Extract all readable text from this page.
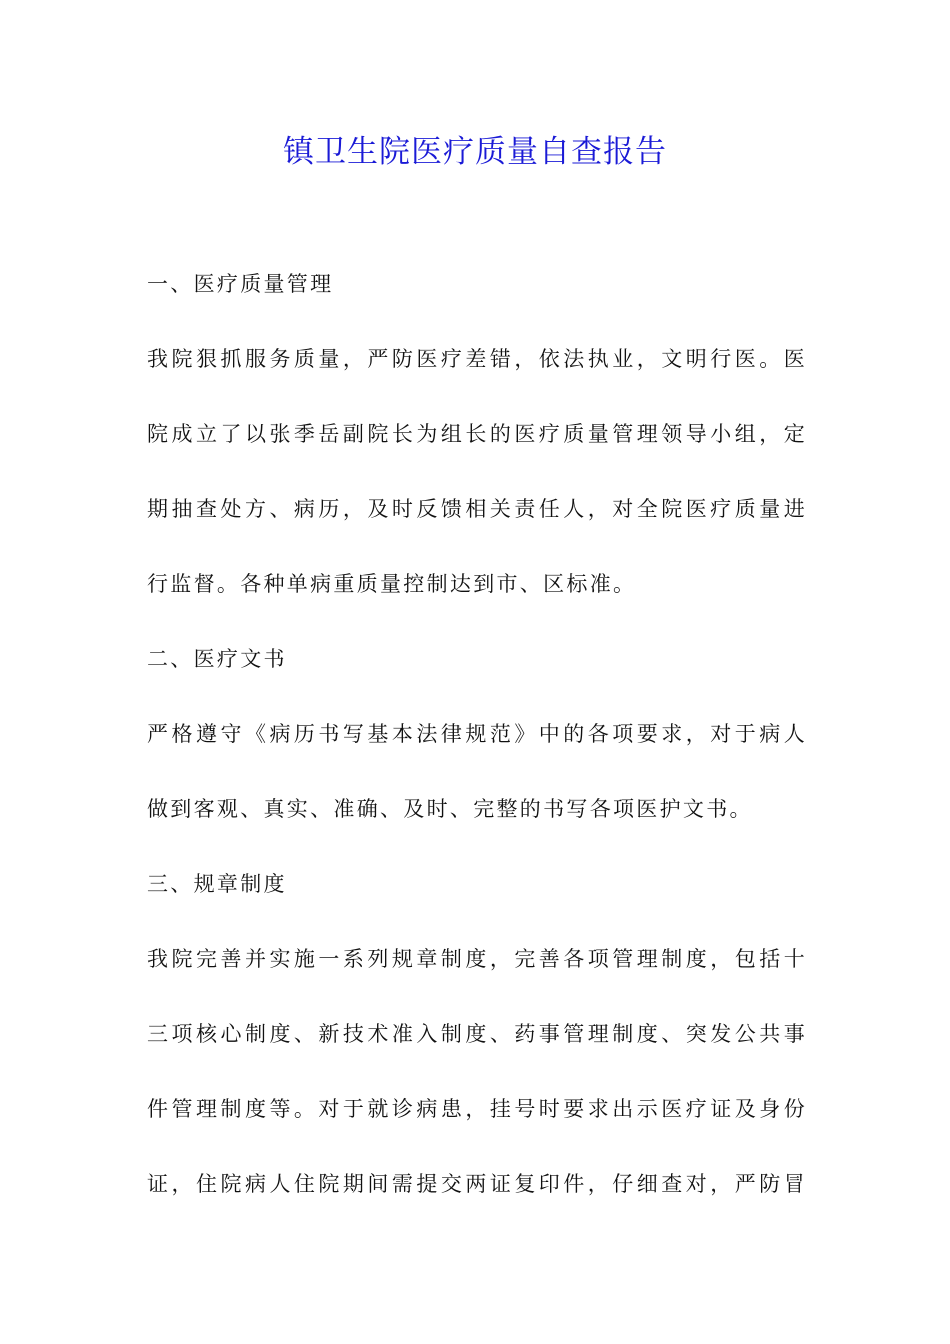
镇卫生院医疗质量自查报告
一、医疗质量管理
我院狠抓服务质量，严防医疗差错，依法执业，文明行医。医
院成立了以张季岳副院长为组长的医疗质量管理领导小组，定
期抽查处方、病历，及时反馈相关责任人，对全院医疗质量进
行监督。各种单病重质量控制达到市、区标准。
二、医疗文书
严格遵守《病历书写基本法律规范》中的各项要求，对于病人
做到客观、真实、准确、及时、完整的书写各项医护文书。
三、规章制度
我院完善并实施一系列规章制度，完善各项管理制度，包括十
三项核心制度、新技术准入制度、药事管理制度、突发公共事
件管理制度等。对于就诊病患，挂号时要求出示医疗证及身份
证，住院病人住院期间需提交两证复印件，仔细查对，严防冒
